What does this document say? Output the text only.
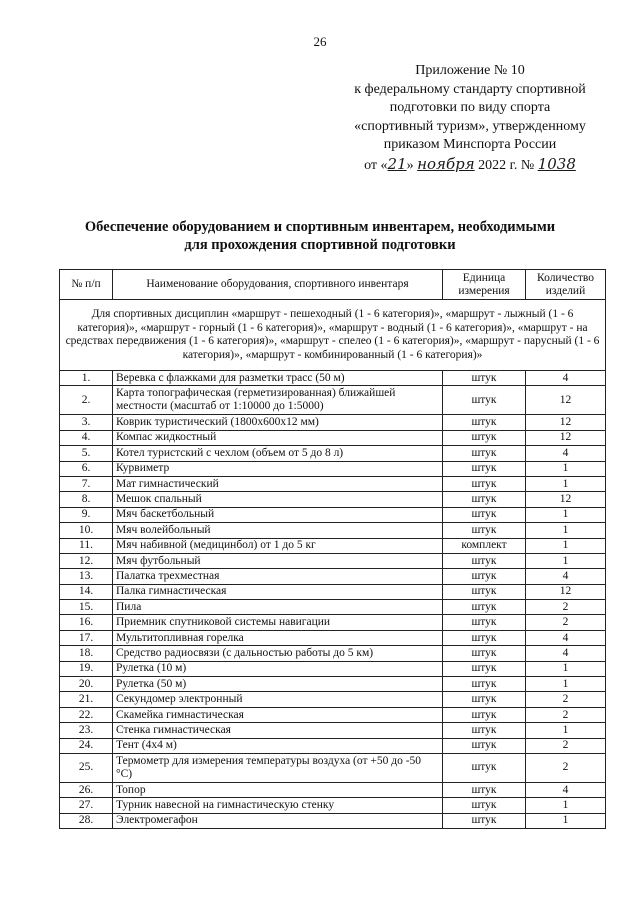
26
Приложение № 10
к федеральному стандарту спортивной
подготовки по виду спорта
«спортивный туризм», утвержденному
приказом Минспорта России
от «21» ноября 2022 г. № 1038
Обеспечение оборудованием и спортивным инвентарем, необходимыми
для прохождения спортивной подготовки
№ п/п	Наименование оборудования, спортивного инвентаря	Единица измерения	Количество изделий
Для спортивных дисциплин «маршрут - пешеходный (1 - 6 категория)», «маршрут - лыжный (1 - 6 категория)», «маршрут - горный (1 - 6 категория)», «маршрут - водный (1 - 6 категория)», «маршрут - на средствах передвижения (1 - 6 категория)», «маршрут - спелео (1 - 6 категория)», «маршрут - парусный (1 - 6 категория)», «маршрут - комбинированный (1 - 6 категория)»			
1.	Веревка с флажками для разметки трасс (50 м)	штук	4
2.	Карта топографическая (герметизированная) ближайшей местности (масштаб от 1:10000 до 1:5000)	штук	12
3.	Коврик туристический (1800х600х12 мм)	штук	12
4.	Компас жидкостный	штук	12
5.	Котел туристский с чехлом (объем от 5 до 8 л)	штук	4
6.	Курвиметр	штук	1
7.	Мат гимнастический	штук	1
8.	Мешок спальный	штук	12
9.	Мяч баскетбольный	штук	1
10.	Мяч волейбольный	штук	1
11.	Мяч набивной (медицинбол) от 1 до 5 кг	комплект	1
12.	Мяч футбольный	штук	1
13.	Палатка трехместная	штук	4
14.	Палка гимнастическая	штук	12
15.	Пила	штук	2
16.	Приемник спутниковой системы навигации	штук	2
17.	Мультитопливная горелка	штук	4
18.	Средство радиосвязи (с дальностью работы до 5 км)	штук	4
19.	Рулетка (10 м)	штук	1
20.	Рулетка (50 м)	штук	1
21.	Секундомер электронный	штук	2
22.	Скамейка гимнастическая	штук	2
23.	Стенка гимнастическая	штук	1
24.	Тент (4х4 м)	штук	2
25.	Термометр для измерения температуры воздуха (от +50 до -50 °С)	штук	2
26.	Топор	штук	4
27.	Турник навесной на гимнастическую стенку	штук	1
28.	Электромегафон	штук	1
